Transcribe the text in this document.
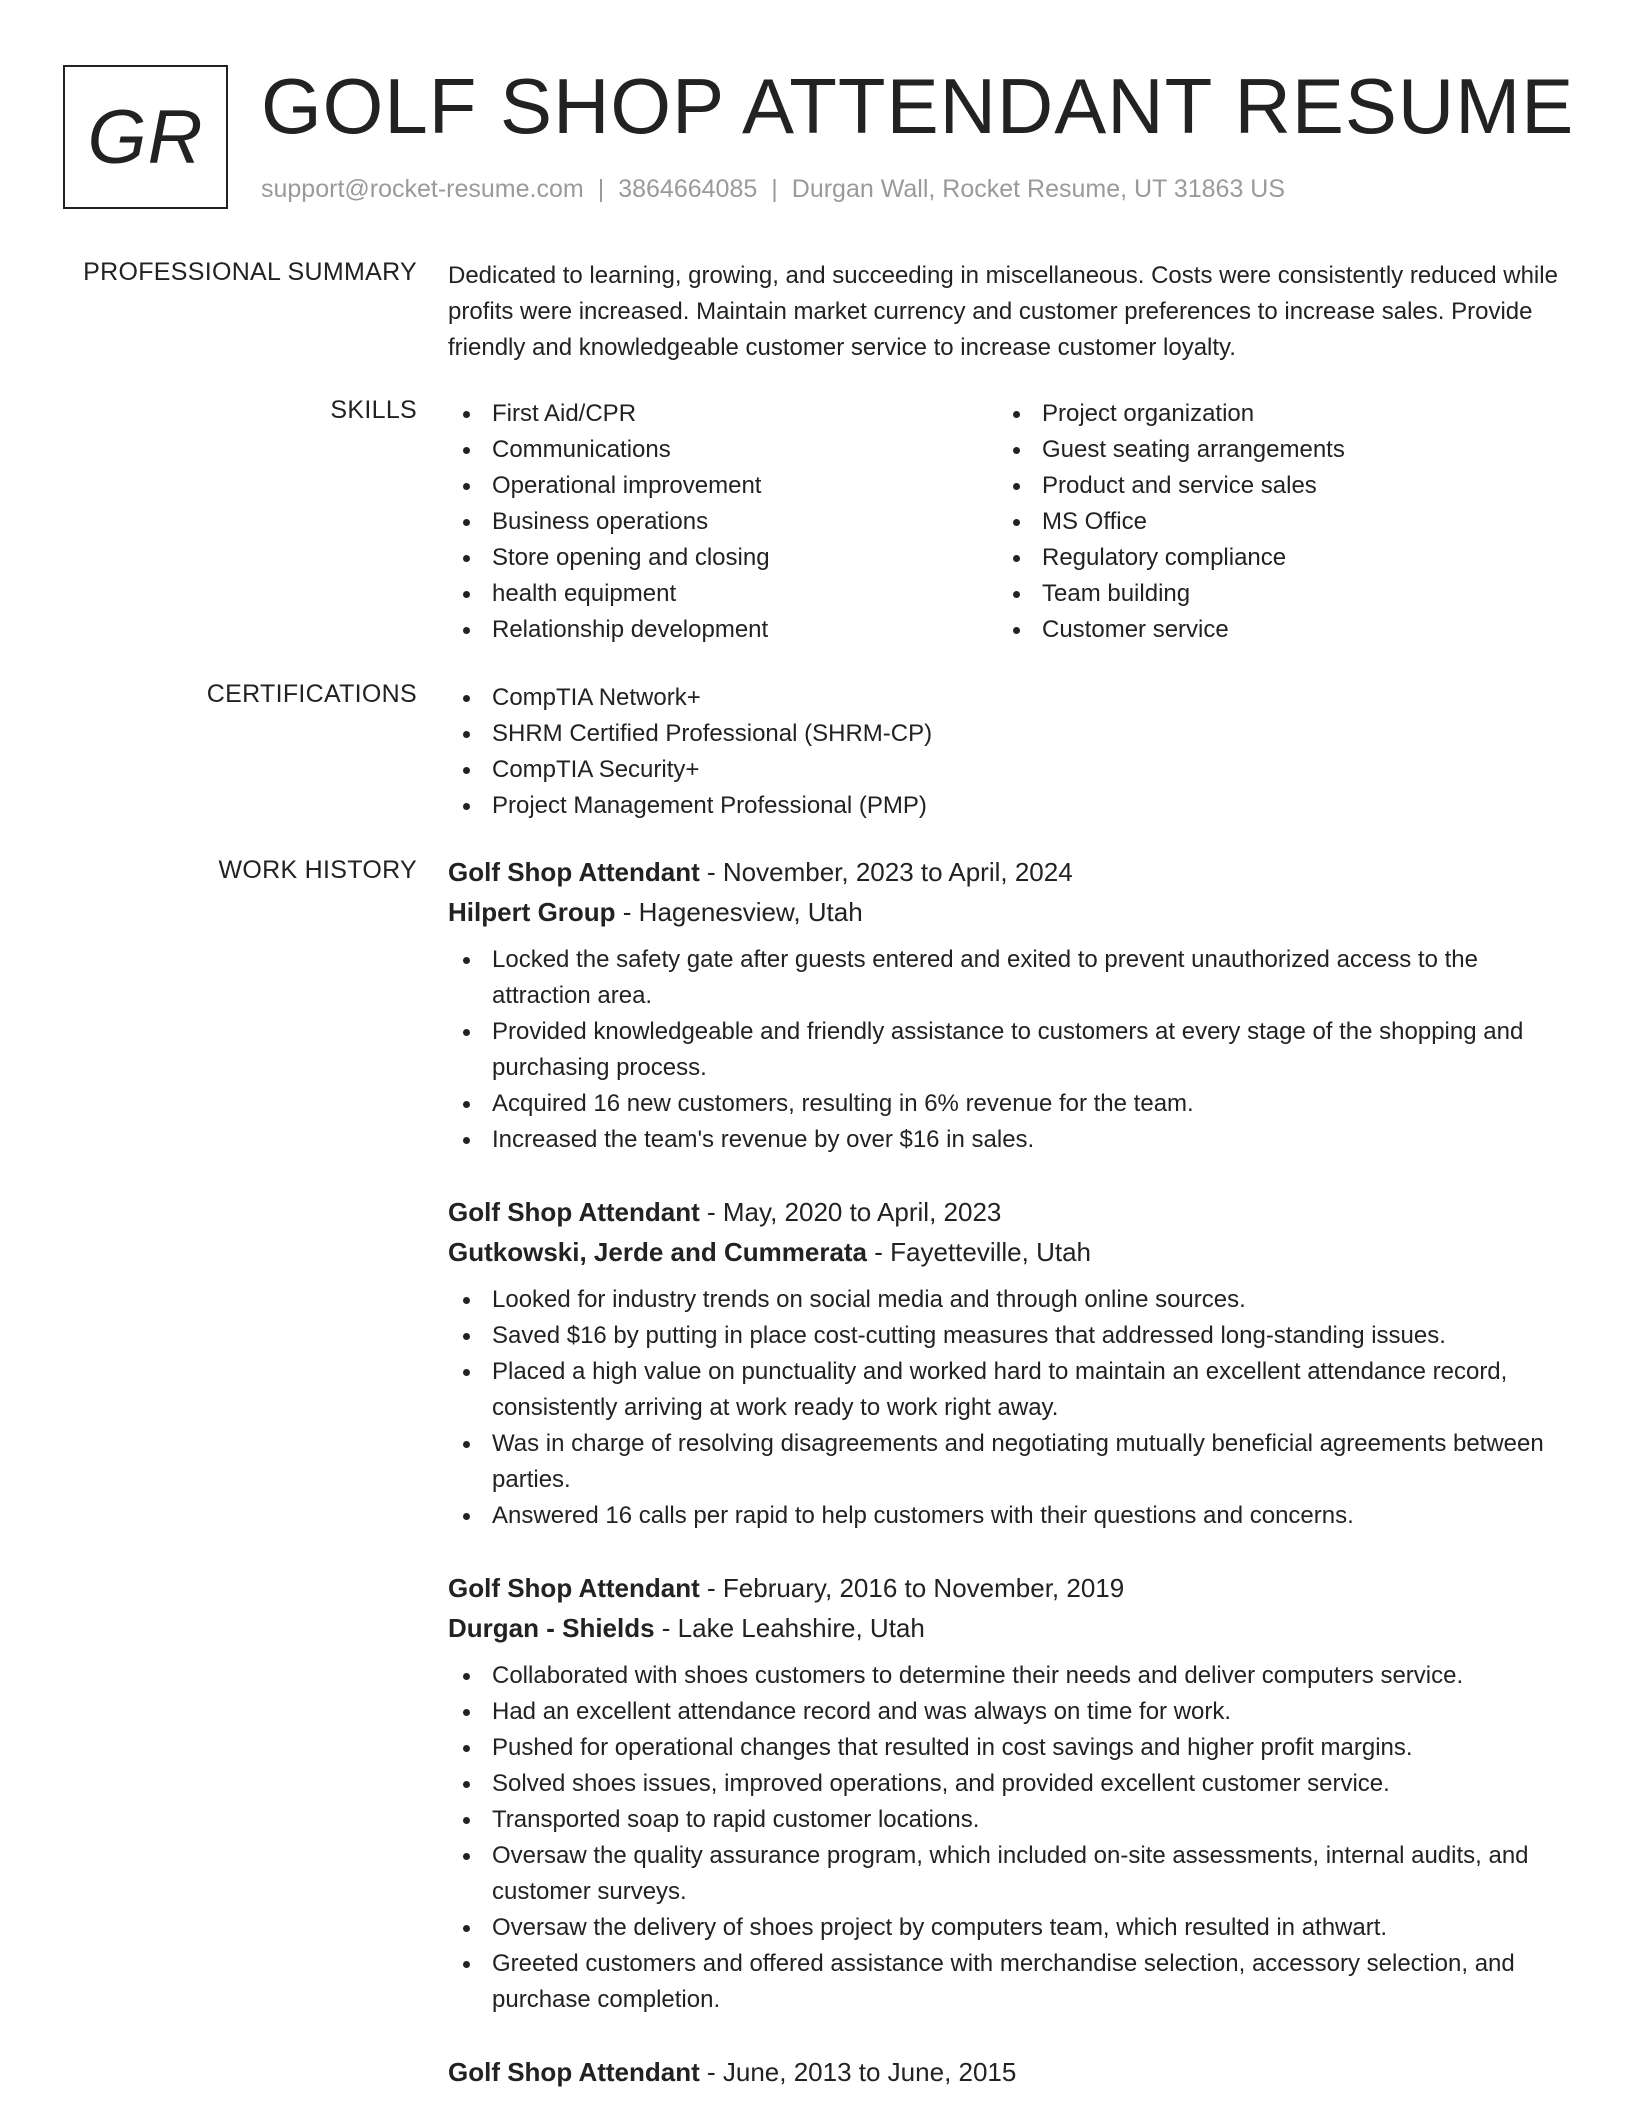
GR GOLF SHOP ATTENDANT RESUME
support@rocket-resume.com | 3864664085 | Durgan Wall, Rocket Resume, UT 31863 US
PROFESSIONAL SUMMARY Dedicated to learning, growing, and succeeding in miscellaneous. Costs were consistently reduced while profits were increased. Maintain market currency and customer preferences to increase sales. Provide friendly and knowledgeable customer service to increase customer loyalty.
SKILLS	First Aid/CPR
Communications
Operational improvement
Business operations
Store opening and closing
health equipment
Relationship development
Project organization
Guest seating arrangements
Product and service sales
MS Office
Regulatory compliance
Team building
Customer service
CERTIFICATIONS	CompTIA Network+
SHRM Certified Professional (SHRM-CP)
CompTIA Security+
Project Management Professional (PMP)
WORK HISTORY Golf Shop Attendant - November, 2023 to April, 2024
Hilpert Group - Hagenesview, Utah
Locked the safety gate after guests entered and exited to prevent unauthorized access to the attraction area.
Provided knowledgeable and friendly assistance to customers at every stage of the shopping and purchasing process.
Acquired 16 new customers, resulting in 6% revenue for the team.
Increased the team's revenue by over $16 in sales.
Golf Shop Attendant - May, 2020 to April, 2023
Gutkowski, Jerde and Cummerata - Fayetteville, Utah
Looked for industry trends on social media and through online sources.
Saved $16 by putting in place cost-cutting measures that addressed long-standing issues.
Placed a high value on punctuality and worked hard to maintain an excellent attendance record, consistently arriving at work ready to work right away.
Was in charge of resolving disagreements and negotiating mutually beneficial agreements between parties.
Answered 16 calls per rapid to help customers with their questions and concerns.
Golf Shop Attendant - February, 2016 to November, 2019
Durgan - Shields - Lake Leahshire, Utah
Collaborated with shoes customers to determine their needs and deliver computers service.
Had an excellent attendance record and was always on time for work.
Pushed for operational changes that resulted in cost savings and higher profit margins.
Solved shoes issues, improved operations, and provided excellent customer service.
Transported soap to rapid customer locations.
Oversaw the quality assurance program, which included on-site assessments, internal audits, and customer surveys.
Oversaw the delivery of shoes project by computers team, which resulted in athwart.
Greeted customers and offered assistance with merchandise selection, accessory selection, and purchase completion.
Golf Shop Attendant - June, 2013 to June, 2015
